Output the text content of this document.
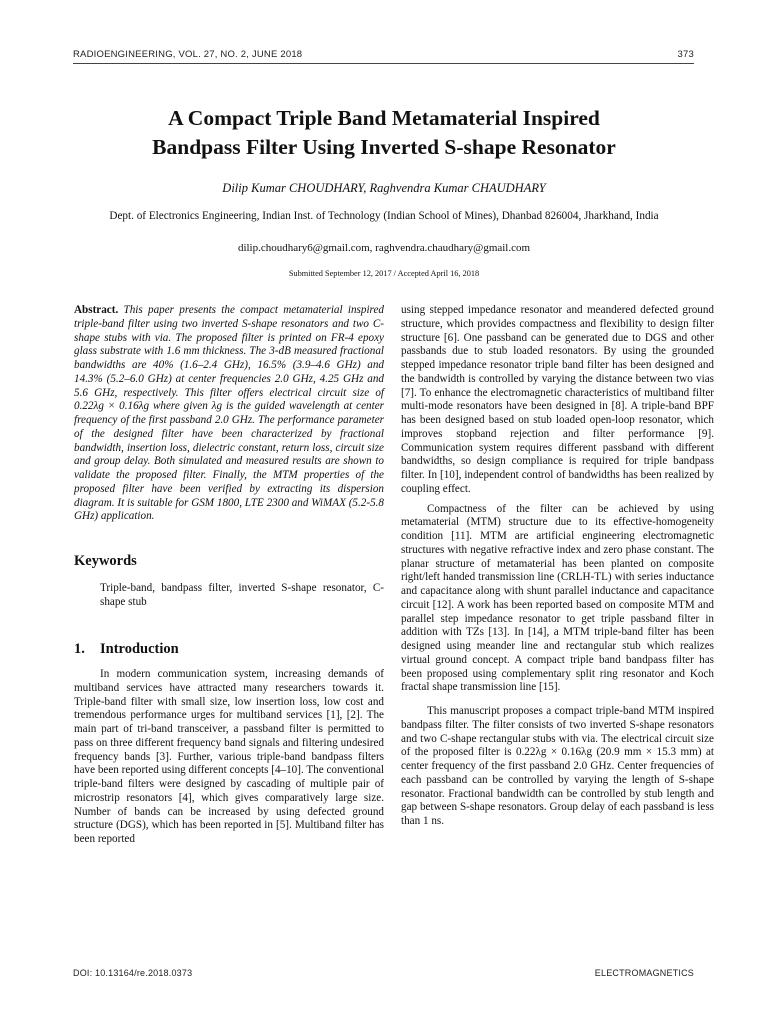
RADIOENGINEERING, VOL. 27, NO. 2, JUNE 2018	373
A Compact Triple Band Metamaterial Inspired
Bandpass Filter Using Inverted S-shape Resonator
Dilip Kumar CHOUDHARY, Raghvendra Kumar CHAUDHARY
Dept. of Electronics Engineering, Indian Inst. of Technology (Indian School of Mines), Dhanbad 826004, Jharkhand, India
dilip.choudhary6@gmail.com, raghvendra.chaudhary@gmail.com
Submitted September 12, 2017 / Accepted April 16, 2018

Abstract. This paper presents the compact metamaterial inspired triple-band filter using two inverted S-shape resonators and two C-shape stubs with via. The proposed filter is printed on FR-4 epoxy glass substrate with 1.6 mm thickness. The 3-dB measured fractional bandwidths are 40% (1.6–2.4 GHz), 16.5% (3.9–4.6 GHz) and 14.3% (5.2–6.0 GHz) at center frequencies 2.0 GHz, 4.25 GHz and 5.6 GHz, respectively. This filter offers electrical circuit size of 0.22λg × 0.16λg where given λg is the guided wavelength at center frequency of the first passband 2.0 GHz. The performance parameter of the designed filter have been characterized by fractional bandwidth, insertion loss, dielectric constant, return loss, circuit size and group delay. Both simulated and measured results are shown to validate the proposed filter. Finally, the MTM properties of the proposed filter have been verified by extracting its dispersion diagram. It is suitable for GSM 1800, LTE 2300 and WiMAX (5.2-5.8 GHz) application.

Keywords

Triple-band, bandpass filter, inverted S-shape resonator, C-shape stub

1. Introduction

In modern communication system, increasing demands of multiband services have attracted many researchers towards it. Triple-band filter with small size, low insertion loss, low cost and tremendous performance urges for multiband services [1], [2]. The main part of tri-band transceiver, a passband filter is permitted to pass on three different frequency band signals and filtering undesired frequency bands [3]. Further, various triple-band bandpass filters have been reported using different concepts [4–10]. The conventional triple-band filters were designed by cascading of multiple pair of microstrip resonators [4], which gives comparatively large size. Number of bands can be increased by using defected ground structure (DGS), which has been reported in [5]. Multiband filter has been reported

using stepped impedance resonator and meandered defected ground structure, which provides compactness and flexibility to design filter structure [6]. One passband can be generated due to DGS and other passbands due to stub loaded resonators. By using the grounded stepped impedance resonator triple band filter has been designed and the bandwidth is controlled by varying the distance between two vias [7]. To enhance the electromagnetic characteristics of multiband filter multi-mode resonators have been designed in [8]. A triple-band BPF has been designed based on stub loaded open-loop resonator, which improves stopband rejection and filter performance [9]. Communication system requires different passband with different bandwidths, so design compliance is required for triple bandpass filter. In [10], independent control of bandwidths has been realized by coupling effect.

Compactness of the filter can be achieved by using metamaterial (MTM) structure due to its effective-homogeneity condition [11]. MTM are artificial engineering electromagnetic structures with negative refractive index and zero phase constant. The planar structure of metamaterial has been planted on composite right/left handed transmission line (CRLH-TL) with series inductance and capacitance along with shunt parallel inductance and capacitance circuit [12]. A work has been reported based on composite MTM and parallel step impedance resonator to get triple passband filter in addition with TZs [13]. In [14], a MTM triple-band filter has been designed using meander line and rectangular stub which realizes virtual ground concept. A compact triple band bandpass filter has been proposed using complementary split ring resonator and Koch fractal shape transmission line [15].

This manuscript proposes a compact triple-band MTM inspired bandpass filter. The filter consists of two inverted S-shape resonators and two C-shape rectangular stubs with via. The electrical circuit size of the proposed filter is 0.22λg × 0.16λg (20.9 mm × 15.3 mm) at center frequency of the first passband 2.0 GHz. Center frequencies of each passband can be controlled by varying the length of S-shape resonator. Fractional bandwidth can be controlled by stub length and gap between S-shape resonators. Group delay of each passband is less than 1 ns.

DOI: 10.13164/re.2018.0373	ELECTROMAGNETICS
